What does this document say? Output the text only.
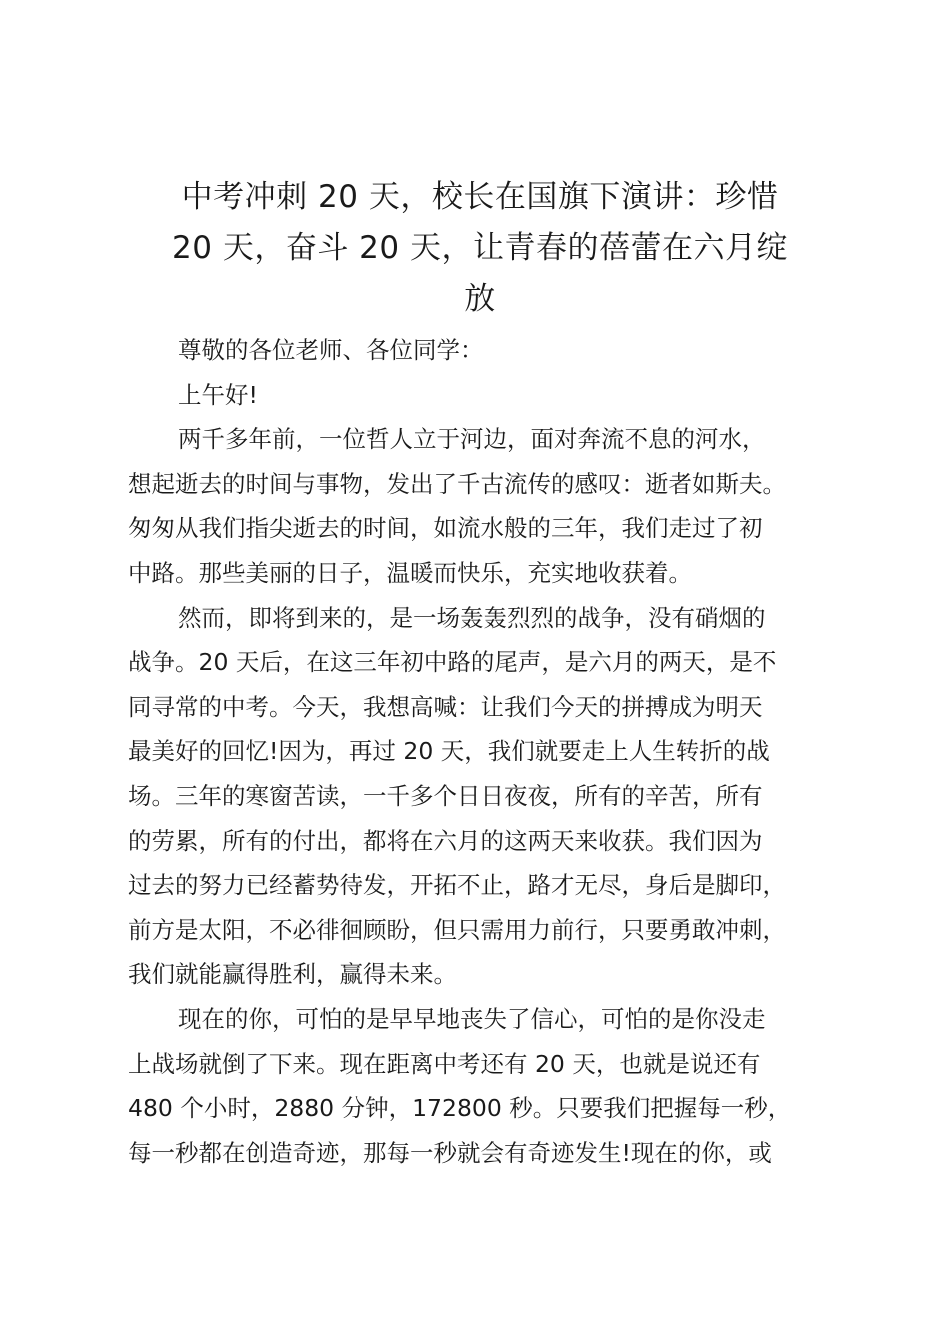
中考冲刺 20 天，校长在国旗下演讲：珍惜
20 天，奋斗 20 天，让青春的蓓蕾在六月绽
放

尊敬的各位老师、各位同学：

上午好!

两千多年前，一位哲人立于河边，面对奔流不息的河水，
想起逝去的时间与事物，发出了千古流传的感叹：逝者如斯夫。
匆匆从我们指尖逝去的时间，如流水般的三年，我们走过了初
中路。那些美丽的日子，温暖而快乐，充实地收获着。

然而，即将到来的，是一场轰轰烈烈的战争，没有硝烟的
战争。20 天后，在这三年初中路的尾声，是六月的两天，是不
同寻常的中考。今天，我想高喊：让我们今天的拼搏成为明天
最美好的回忆!因为，再过 20 天，我们就要走上人生转折的战
场。三年的寒窗苦读，一千多个日日夜夜，所有的辛苦，所有
的劳累，所有的付出，都将在六月的这两天来收获。我们因为
过去的努力已经蓄势待发，开拓不止，路才无尽，身后是脚印，
前方是太阳，不必徘徊顾盼，但只需用力前行，只要勇敢冲刺，
我们就能赢得胜利，赢得未来。

现在的你，可怕的是早早地丧失了信心，可怕的是你没走
上战场就倒了下来。现在距离中考还有 20 天，也就是说还有
480 个小时，2880 分钟，172800 秒。只要我们把握每一秒，
每一秒都在创造奇迹，那每一秒就会有奇迹发生!现在的你，或
